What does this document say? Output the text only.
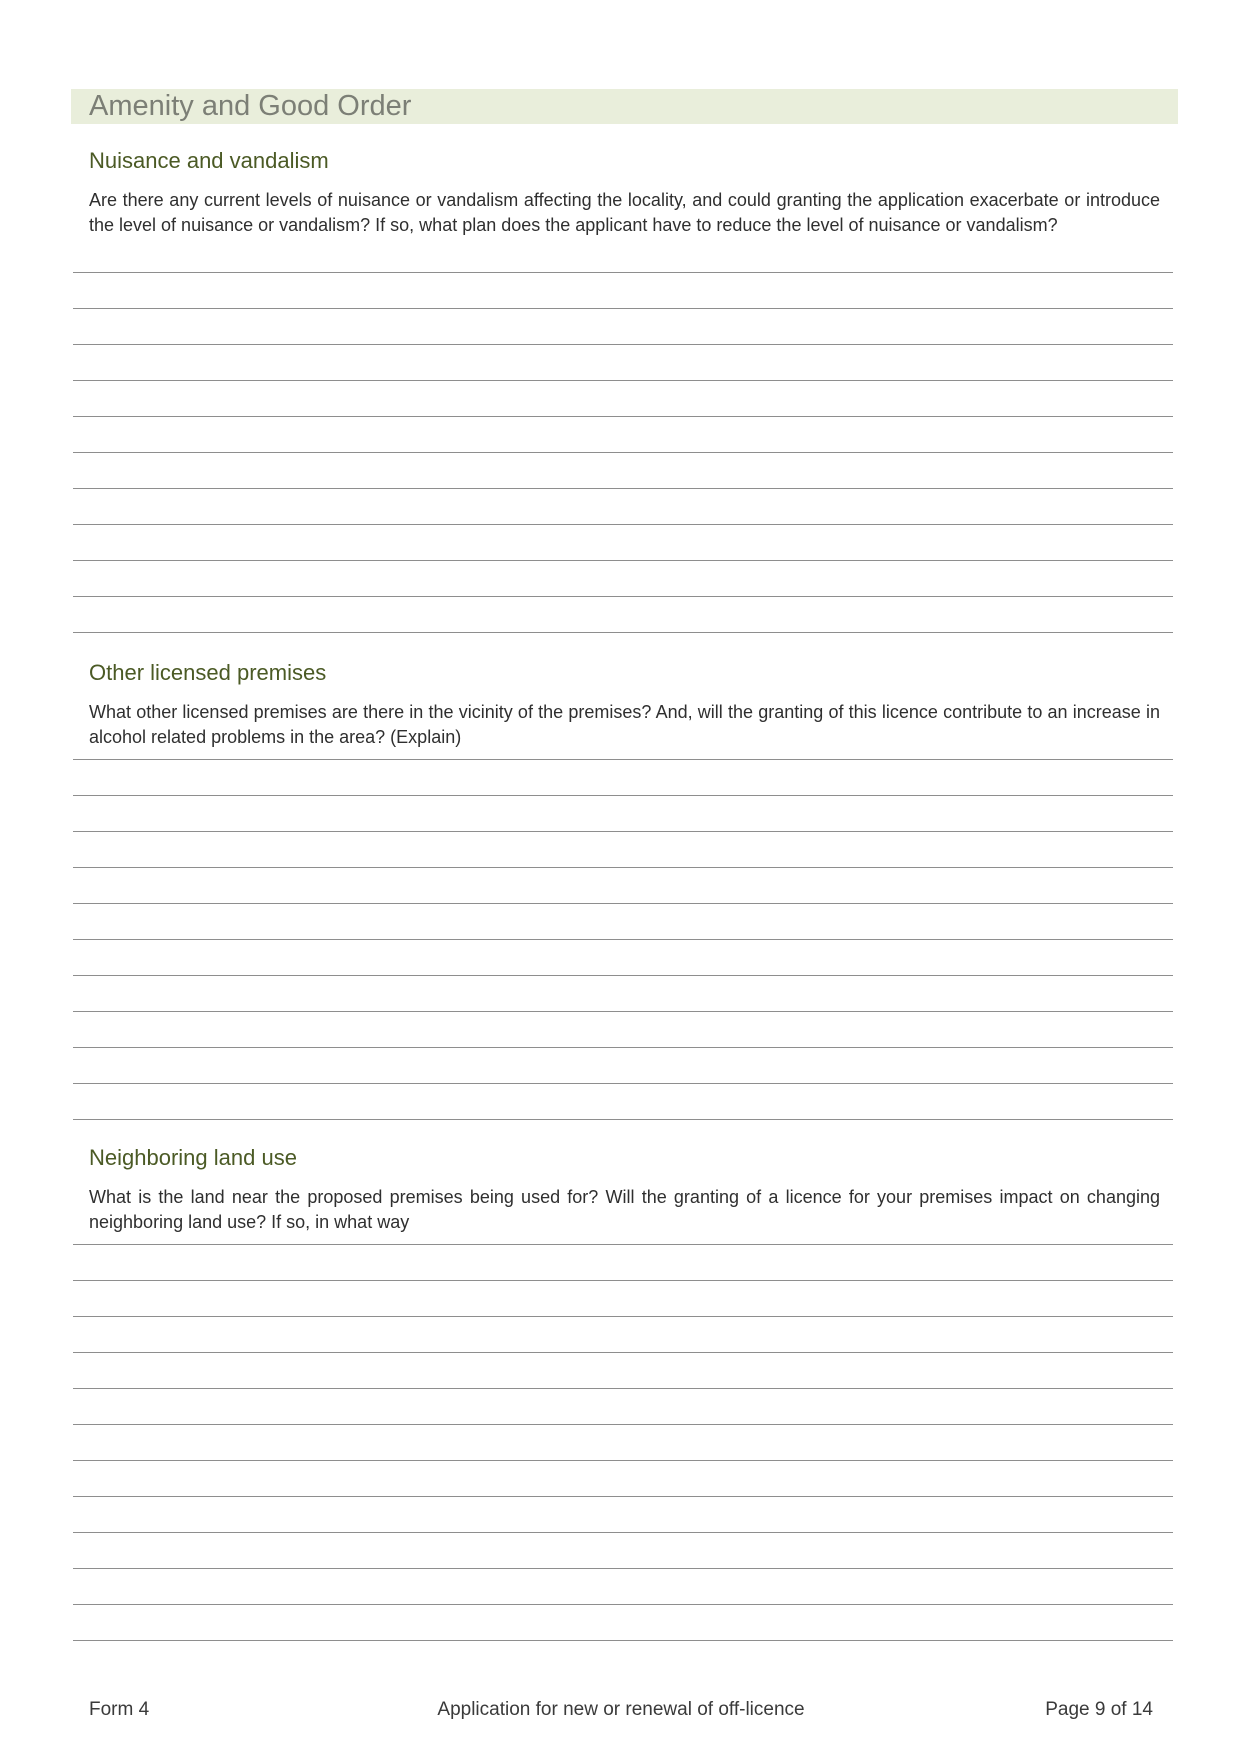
Amenity and Good Order
Nuisance and vandalism

Are there any current levels of nuisance or vandalism affecting the locality, and could granting the application exacerbate or introduce the level of nuisance or vandalism? If so, what plan does the applicant have to reduce the level of nuisance or vandalism?

Other licensed premises

What other licensed premises are there in the vicinity of the premises? And, will the granting of this licence contribute to an increase in alcohol related problems in the area? (Explain)

Neighboring land use

What is the land near the proposed premises being used for? Will the granting of a licence for your premises impact on changing neighboring land use? If so, in what way

Form 4	Application for new or renewal of off-licence	Page 9 of 14
